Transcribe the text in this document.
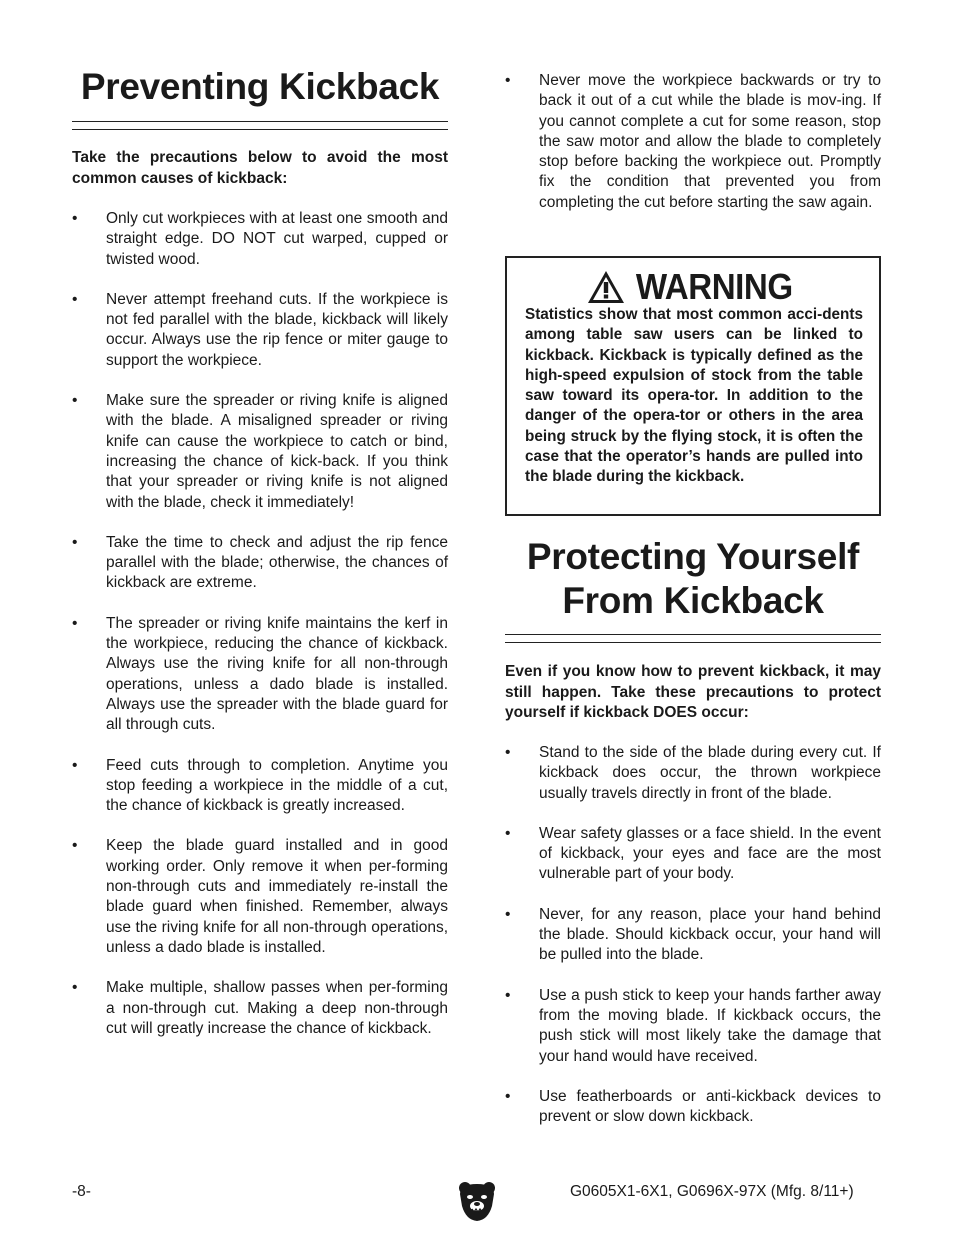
Preventing Kickback

Take the precautions below to avoid the most common causes of kickback:

• Only cut workpieces with at least one smooth and straight edge. DO NOT cut warped, cupped or twisted wood.
• Never attempt freehand cuts. If the workpiece is not fed parallel with the blade, kickback will likely occur. Always use the rip fence or miter gauge to support the workpiece.
• Make sure the spreader or riving knife is aligned with the blade. A misaligned spreader or riving knife can cause the workpiece to catch or bind, increasing the chance of kick-back. If you think that your spreader or riving knife is not aligned with the blade, check it immediately!
• Take the time to check and adjust the rip fence parallel with the blade; otherwise, the chances of kickback are extreme.
• The spreader or riving knife maintains the kerf in the workpiece, reducing the chance of kickback. Always use the riving knife for all non-through operations, unless a dado blade is installed. Always use the spreader with the blade guard for all through cuts.
• Feed cuts through to completion. Anytime you stop feeding a workpiece in the middle of a cut, the chance of kickback is greatly increased.
• Keep the blade guard installed and in good working order. Only remove it when per-forming non-through cuts and immediately re-install the blade guard when finished. Remember, always use the riving knife for all non-through operations, unless a dado blade is installed.
• Make multiple, shallow passes when per-forming a non-through cut. Making a deep non-through cut will greatly increase the chance of kickback.
• Never move the workpiece backwards or try to back it out of a cut while the blade is mov-ing. If you cannot complete a cut for some reason, stop the saw motor and allow the blade to completely stop before backing the workpiece out. Promptly fix the condition that prevented you from completing the cut before starting the saw again.
WARNING

Statistics show that most common acci-dents among table saw users can be linked to kickback. Kickback is typically defined as the high-speed expulsion of stock from the table saw toward its opera-tor. In addition to the danger of the opera-tor or others in the area being struck by the flying stock, it is often the case that the operator’s hands are pulled into the blade during the kickback.

Protecting Yourself
From Kickback

Even if you know how to prevent kickback, it may still happen. Take these precautions to protect yourself if kickback DOES occur:

• Stand to the side of the blade during every cut. If kickback does occur, the thrown workpiece usually travels directly in front of the blade.
• Wear safety glasses or a face shield. In the event of kickback, your eyes and face are the most vulnerable part of your body.
• Never, for any reason, place your hand behind the blade. Should kickback occur, your hand will be pulled into the blade.
• Use a push stick to keep your hands farther away from the moving blade. If kickback occurs, the push stick will most likely take the damage that your hand would have received.
• Use featherboards or anti-kickback devices to prevent or slow down kickback.
-8-	G0605X1-6X1, G0696X-97X (Mfg. 8/11+)
